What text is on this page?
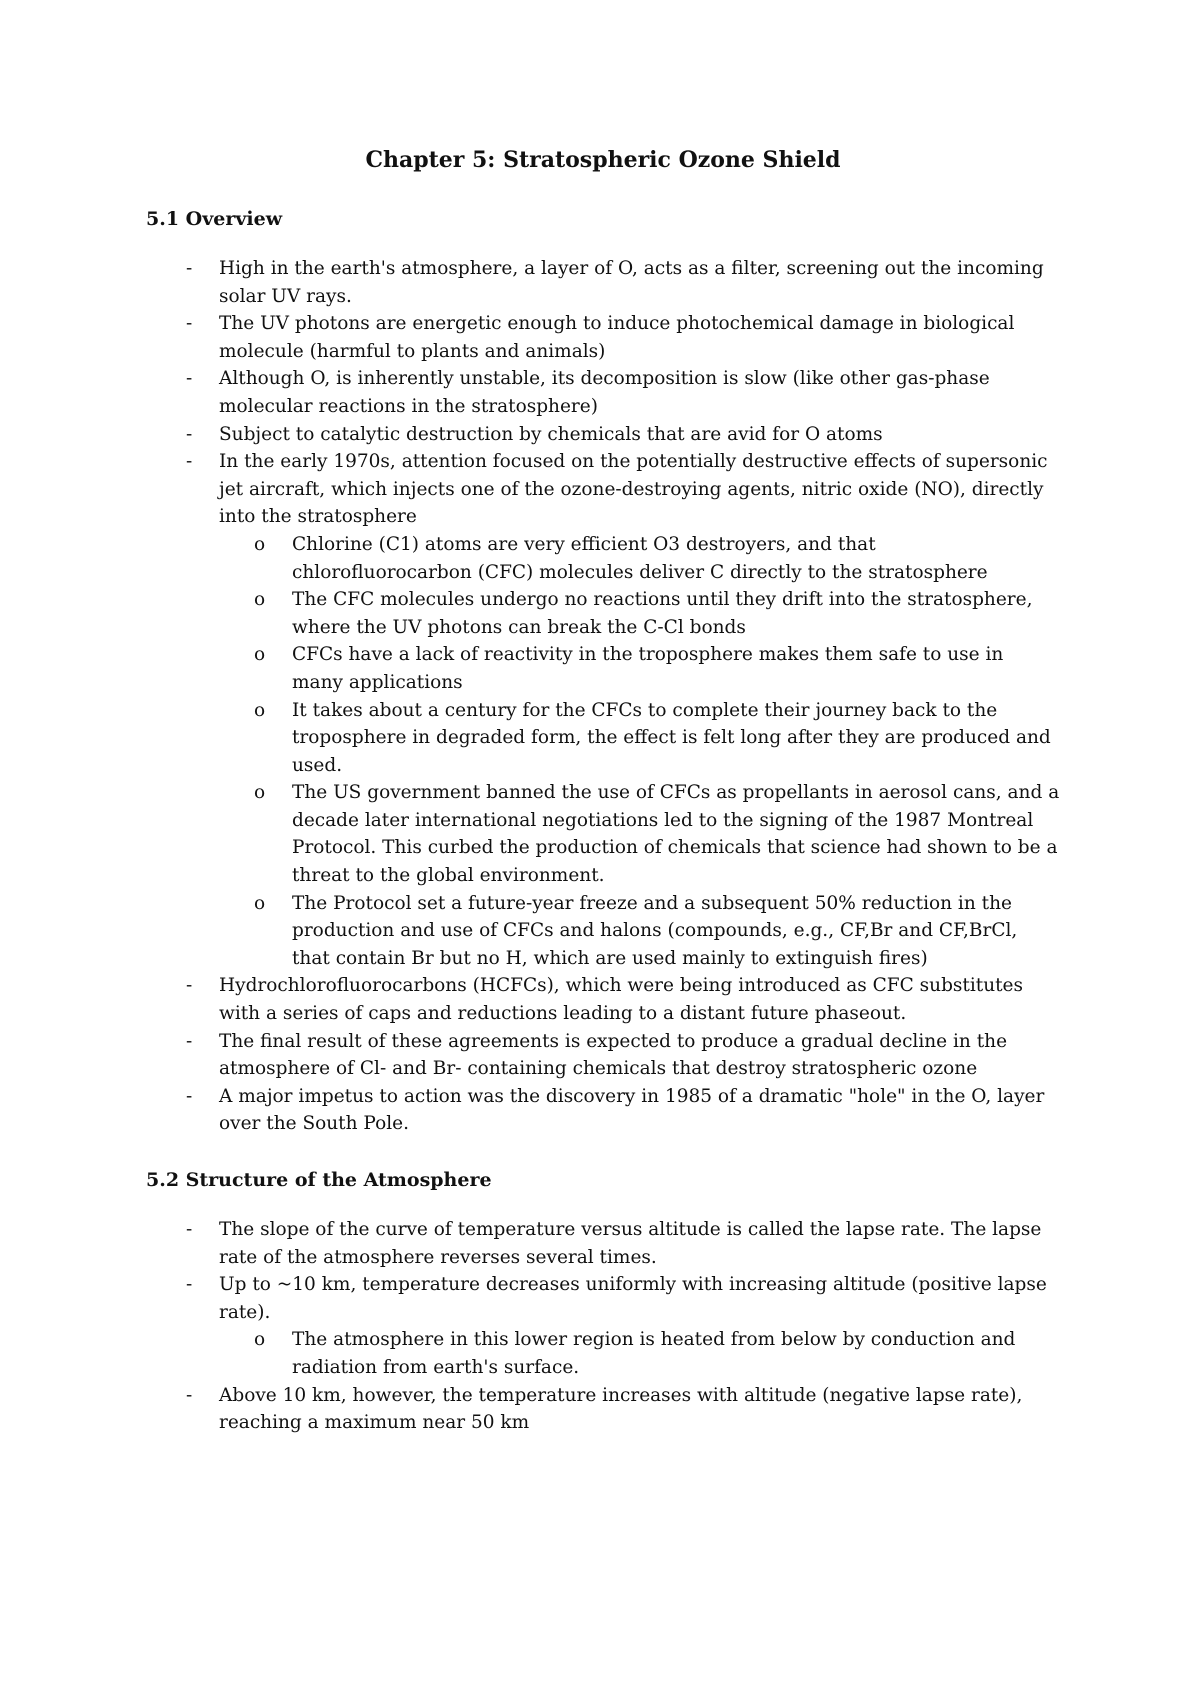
Chapter 5: Stratospheric Ozone Shield
5.1 Overview
- High in the earth's atmosphere, a layer of O, acts as a filter, screening out the incoming solar UV rays.
- The UV photons are energetic enough to induce photochemical damage in biological molecule (harmful to plants and animals)
- Although O, is inherently unstable, its decomposition is slow (like other gas-phase molecular reactions in the stratosphere)
- Subject to catalytic destruction by chemicals that are avid for O atoms
- In the early 1970s, attention focused on the potentially destructive effects of supersonic jet aircraft, which injects one of the ozone-destroying agents, nitric oxide (NO), directly into the stratosphere
o Chlorine (C1) atoms are very efficient O3 destroyers, and that chlorofluorocarbon (CFC) molecules deliver C directly to the stratosphere
o The CFC molecules undergo no reactions until they drift into the stratosphere, where the UV photons can break the C-Cl bonds
o CFCs have a lack of reactivity in the troposphere makes them safe to use in many applications
o It takes about a century for the CFCs to complete their journey back to the troposphere in degraded form, the effect is felt long after they are produced and used.
o The US government banned the use of CFCs as propellants in aerosol cans, and a decade later international negotiations led to the signing of the 1987 Montreal Protocol. This curbed the production of chemicals that science had shown to be a threat to the global environment.
o The Protocol set a future-year freeze and a subsequent 50% reduction in the production and use of CFCs and halons (compounds, e.g., CF,Br and CF,BrCl, that contain Br but no H, which are used mainly to extinguish fires)
- Hydrochlorofluorocarbons (HCFCs), which were being introduced as CFC substitutes with a series of caps and reductions leading to a distant future phaseout.
- The final result of these agreements is expected to produce a gradual decline in the atmosphere of Cl- and Br- containing chemicals that destroy stratospheric ozone
- A major impetus to action was the discovery in 1985 of a dramatic "hole" in the O, layer over the South Pole.
5.2 Structure of the Atmosphere
- The slope of the curve of temperature versus altitude is called the lapse rate. The lapse rate of the atmosphere reverses several times.
- Up to ~10 km, temperature decreases uniformly with increasing altitude (positive lapse rate).
o The atmosphere in this lower region is heated from below by conduction and radiation from earth's surface.
- Above 10 km, however, the temperature increases with altitude (negative lapse rate), reaching a maximum near 50 km
